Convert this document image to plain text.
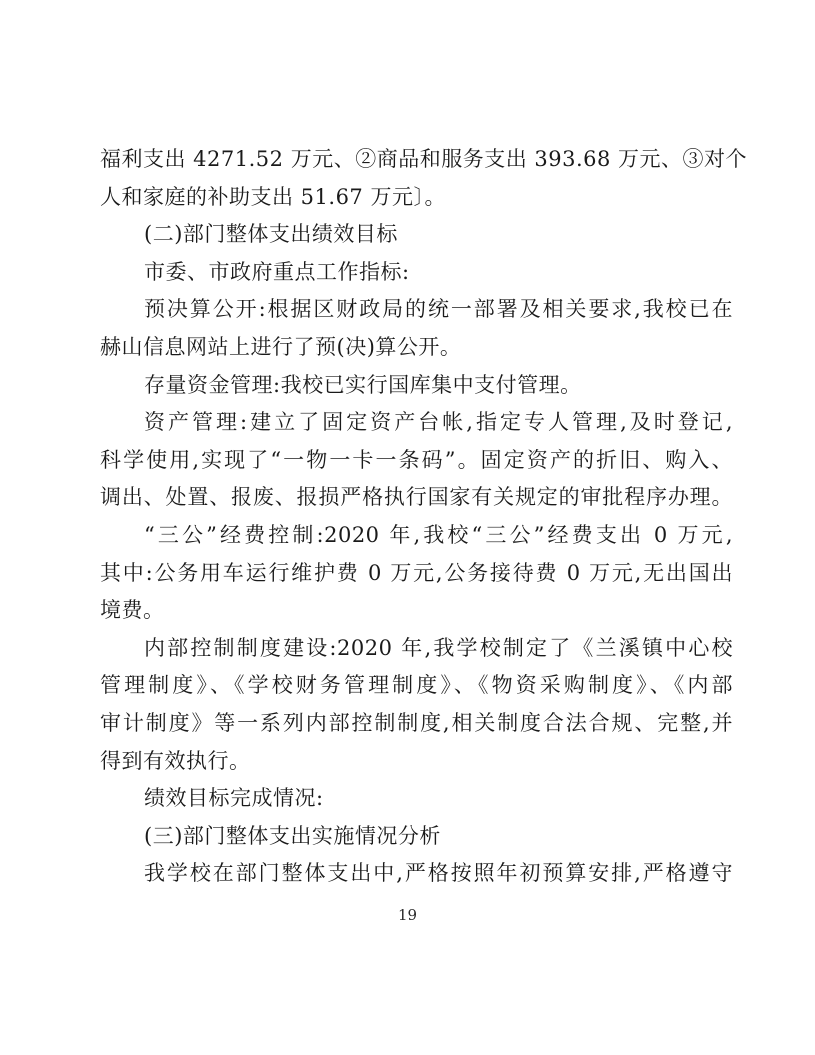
福利支出 4271.52 万元、②商品和服务支出 393.68 万元、③对个
人和家庭的补助支出 51.67 万元〕。
(二)部门整体支出绩效目标
市委、市政府重点工作指标:
预决算公开:根据区财政局的统一部署及相关要求,我校已在
赫山信息网站上进行了预(决)算公开。
存量资金管理:我校已实行国库集中支付管理。
资产管理:建立了固定资产台帐,指定专人管理,及时登记,
科学使用,实现了“一物一卡一条码”。固定资产的折旧、购入、
调出、处置、报废、报损严格执行国家有关规定的审批程序办理。
“三公”经费控制:2020 年,我校“三公”经费支出 0 万元,
其中:公务用车运行维护费 0 万元,公务接待费 0 万元,无出国出
境费。
内部控制制度建设:2020 年,我学校制定了《兰溪镇中心校
管理制度》、《学校财务管理制度》、《物资采购制度》、《内部
审计制度》等一系列内部控制制度,相关制度合法合规、完整,并
得到有效执行。
绩效目标完成情况:
(三)部门整体支出实施情况分析
我学校在部门整体支出中,严格按照年初预算安排,严格遵守
19
